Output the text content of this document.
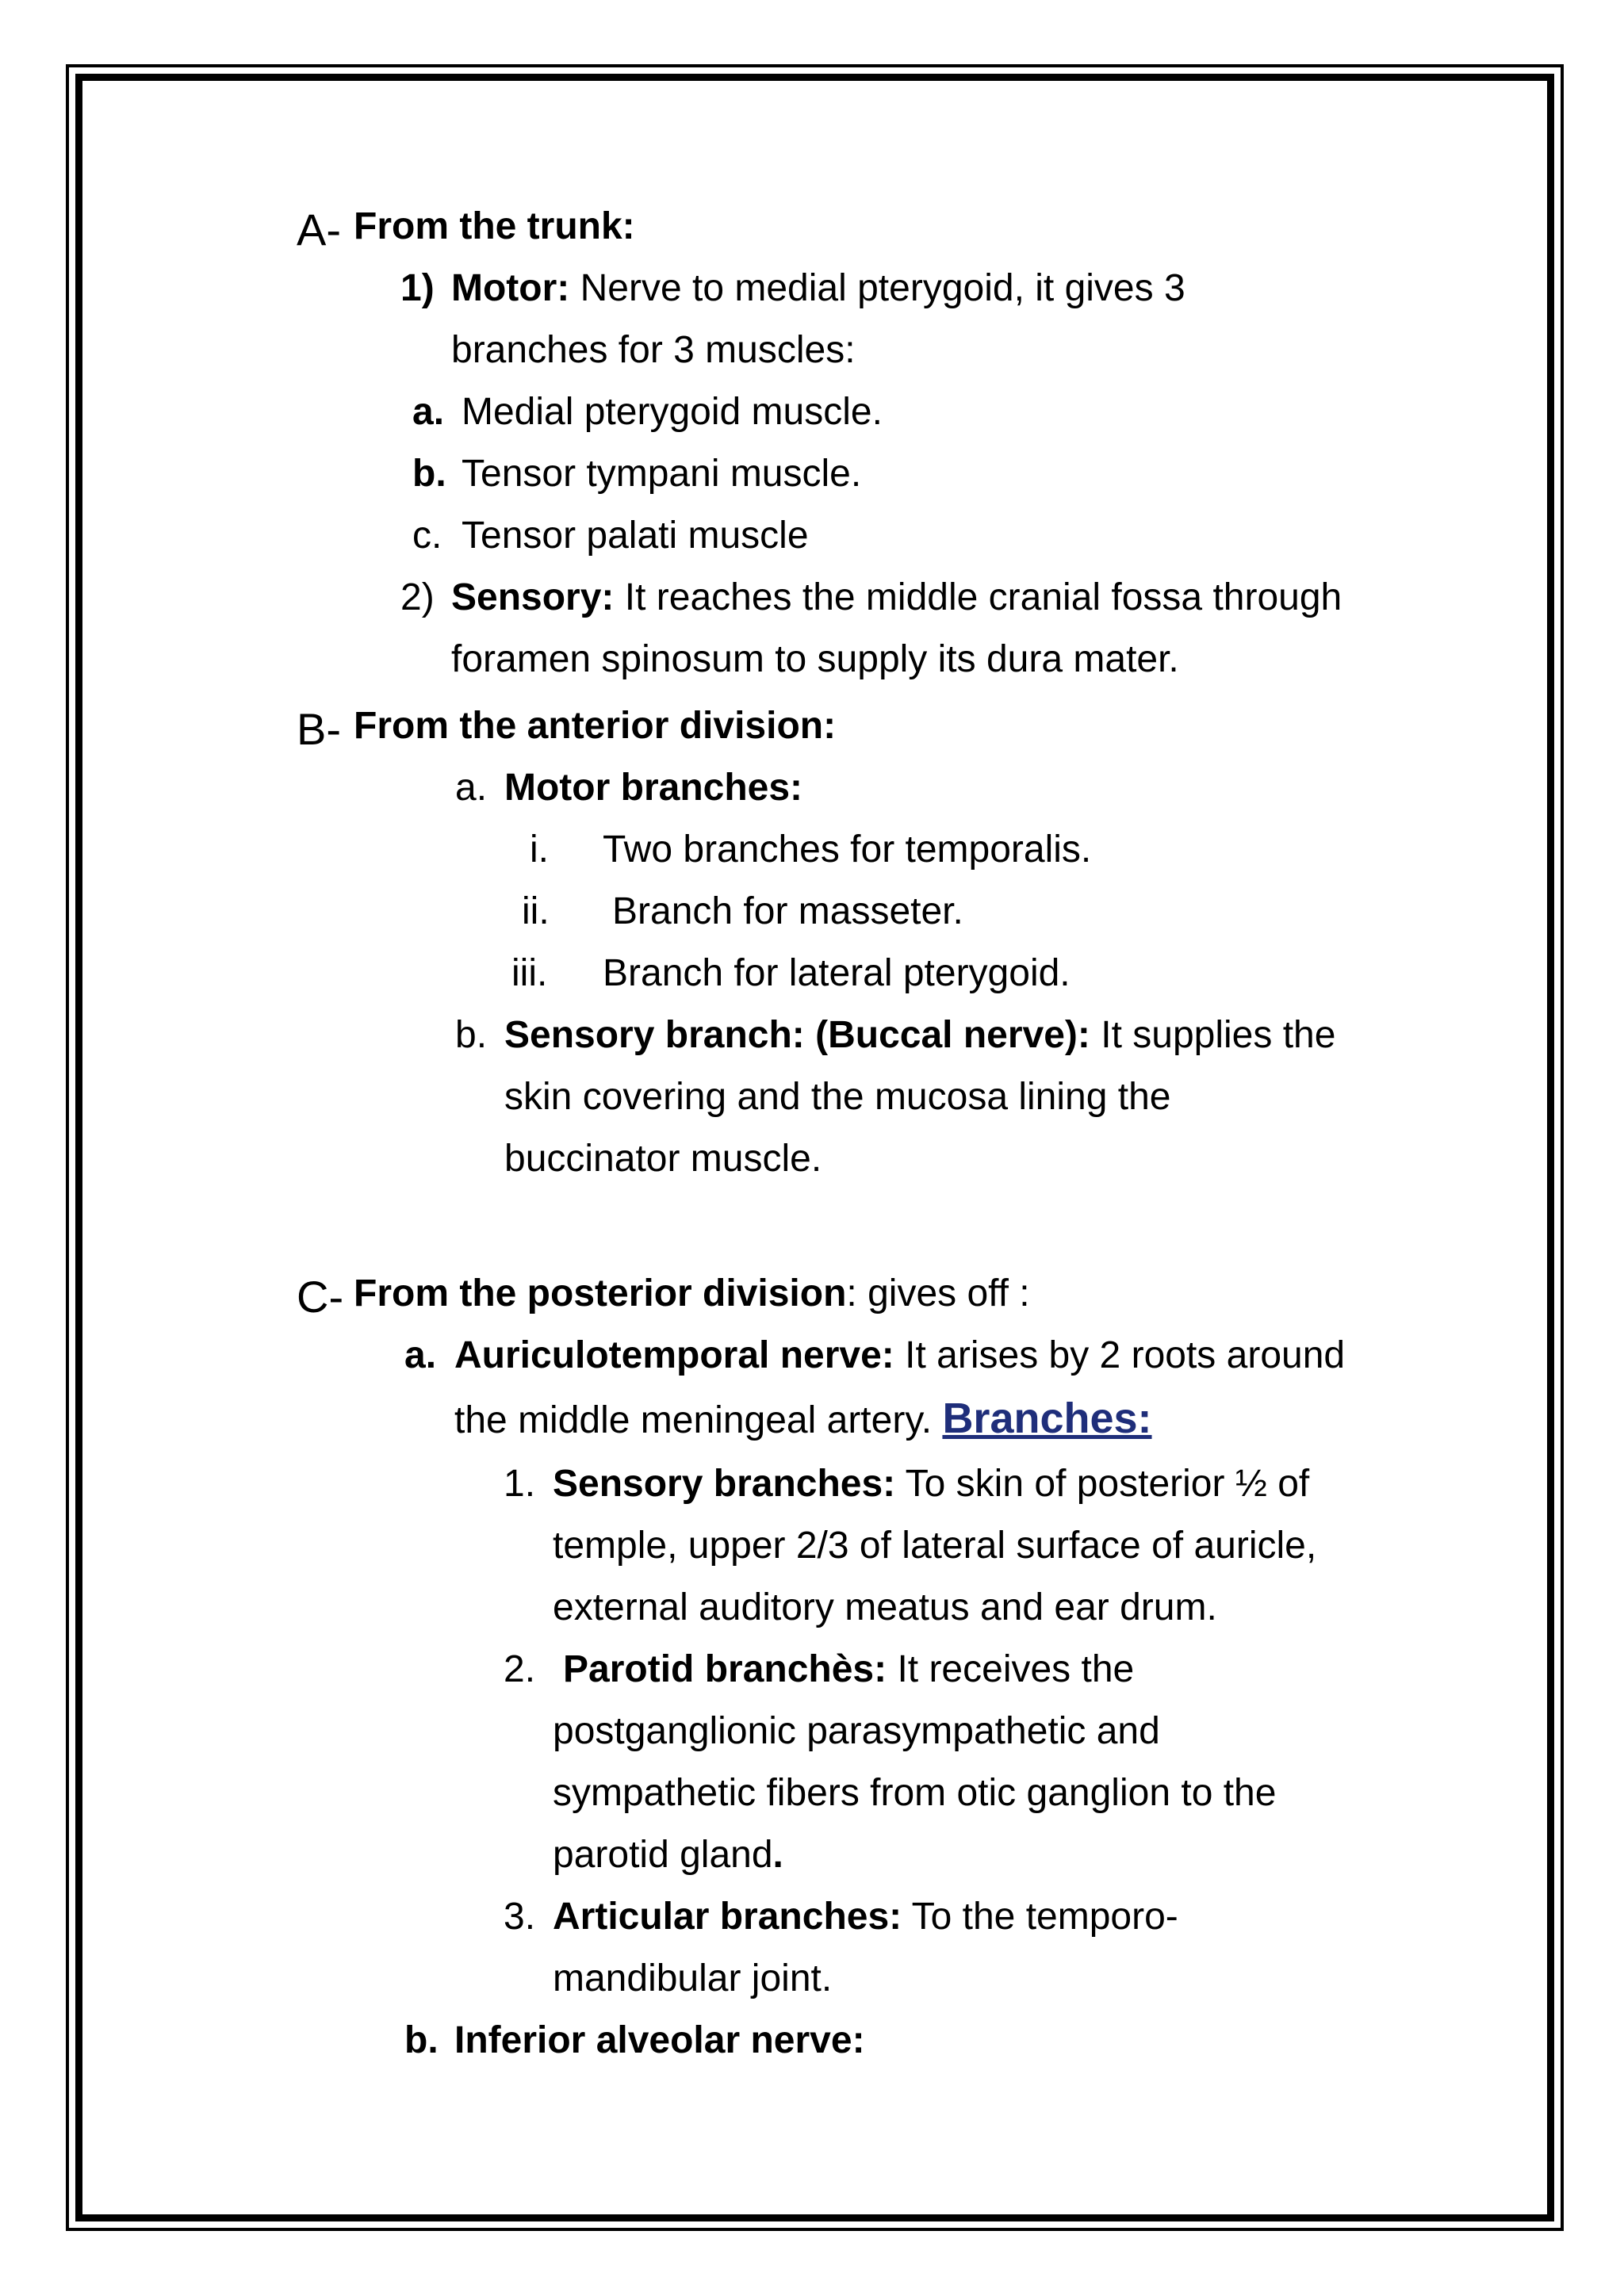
A- From the trunk:
1) Motor: Nerve to medial pterygoid, it gives 3
branches for 3 muscles:
a. Medial pterygoid muscle.
b. Tensor tympani muscle.
c. Tensor palati muscle
2) Sensory: It reaches the middle cranial fossa through
foramen spinosum to supply its dura mater.
B- From the anterior division:
a. Motor branches:
i. Two branches for temporalis.
ii. Branch for masseter.
iii. Branch for lateral pterygoid.
b. Sensory branch: (Buccal nerve): It supplies the
skin covering and the mucosa lining the
buccinator muscle.
C- From the posterior division: gives off :
a. Auriculotemporal nerve: It arises by 2 roots around
the middle meningeal artery. Branches:
1. Sensory branches: To skin of posterior ½ of
temple, upper 2/3 of lateral surface of auricle,
external auditory meatus and ear drum.
2. Parotid branchès: It receives the
postganglionic parasympathetic and
sympathetic fibers from otic ganglion to the
parotid gland.
3. Articular branches: To the temporo-
mandibular joint.
b. Inferior alveolar nerve:
